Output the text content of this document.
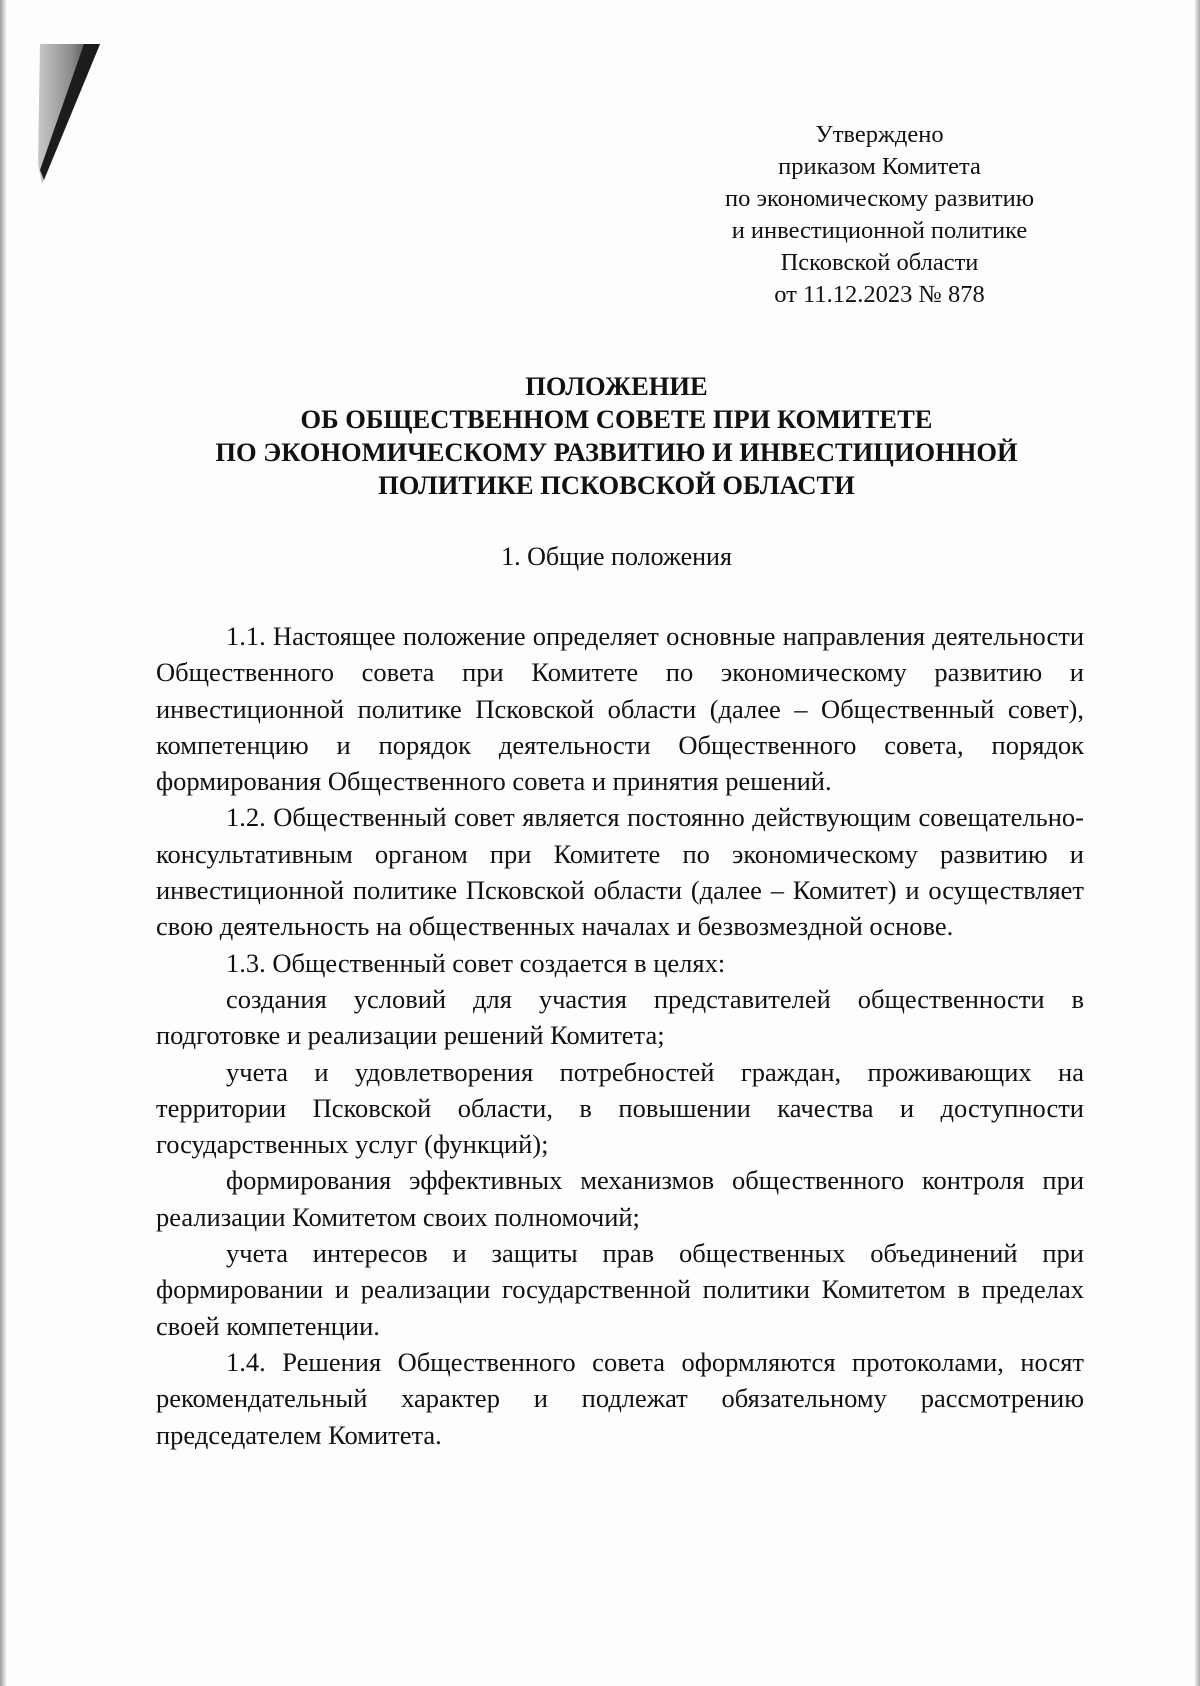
Утверждено
приказом Комитета
по экономическому развитию
и инвестиционной политике
Псковской области
от 11.12.2023 № 878
ПОЛОЖЕНИЕ
ОБ ОБЩЕСТВЕННОМ СОВЕТЕ ПРИ КОМИТЕТЕ
ПО ЭКОНОМИЧЕСКОМУ РАЗВИТИЮ И ИНВЕСТИЦИОННОЙ
ПОЛИТИКЕ ПСКОВСКОЙ ОБЛАСТИ
1. Общие положения

1.1. Настоящее положение определяет основные направления деятельности Общественного совета при Комитете по экономическому развитию и инвестиционной политике Псковской области (далее – Общественный совет), компетенцию и порядок деятельности Общественного совета, порядок формирования Общественного совета и принятия решений.

1.2. Общественный совет является постоянно действующим совещательно-консультативным органом при Комитете по экономическому развитию и инвестиционной политике Псковской области (далее – Комитет) и осуществляет свою деятельность на общественных началах и безвозмездной основе.

1.3. Общественный совет создается в целях:

создания условий для участия представителей общественности в подготовке и реализации решений Комитета;

учета и удовлетворения потребностей граждан, проживающих на территории Псковской области, в повышении качества и доступности государственных услуг (функций);

формирования эффективных механизмов общественного контроля при реализации Комитетом своих полномочий;

учета интересов и защиты прав общественных объединений при формировании и реализации государственной политики Комитетом в пределах своей компетенции.

1.4. Решения Общественного совета оформляются протоколами, носят рекомендательный характер и подлежат обязательному рассмотрению председателем Комитета.
